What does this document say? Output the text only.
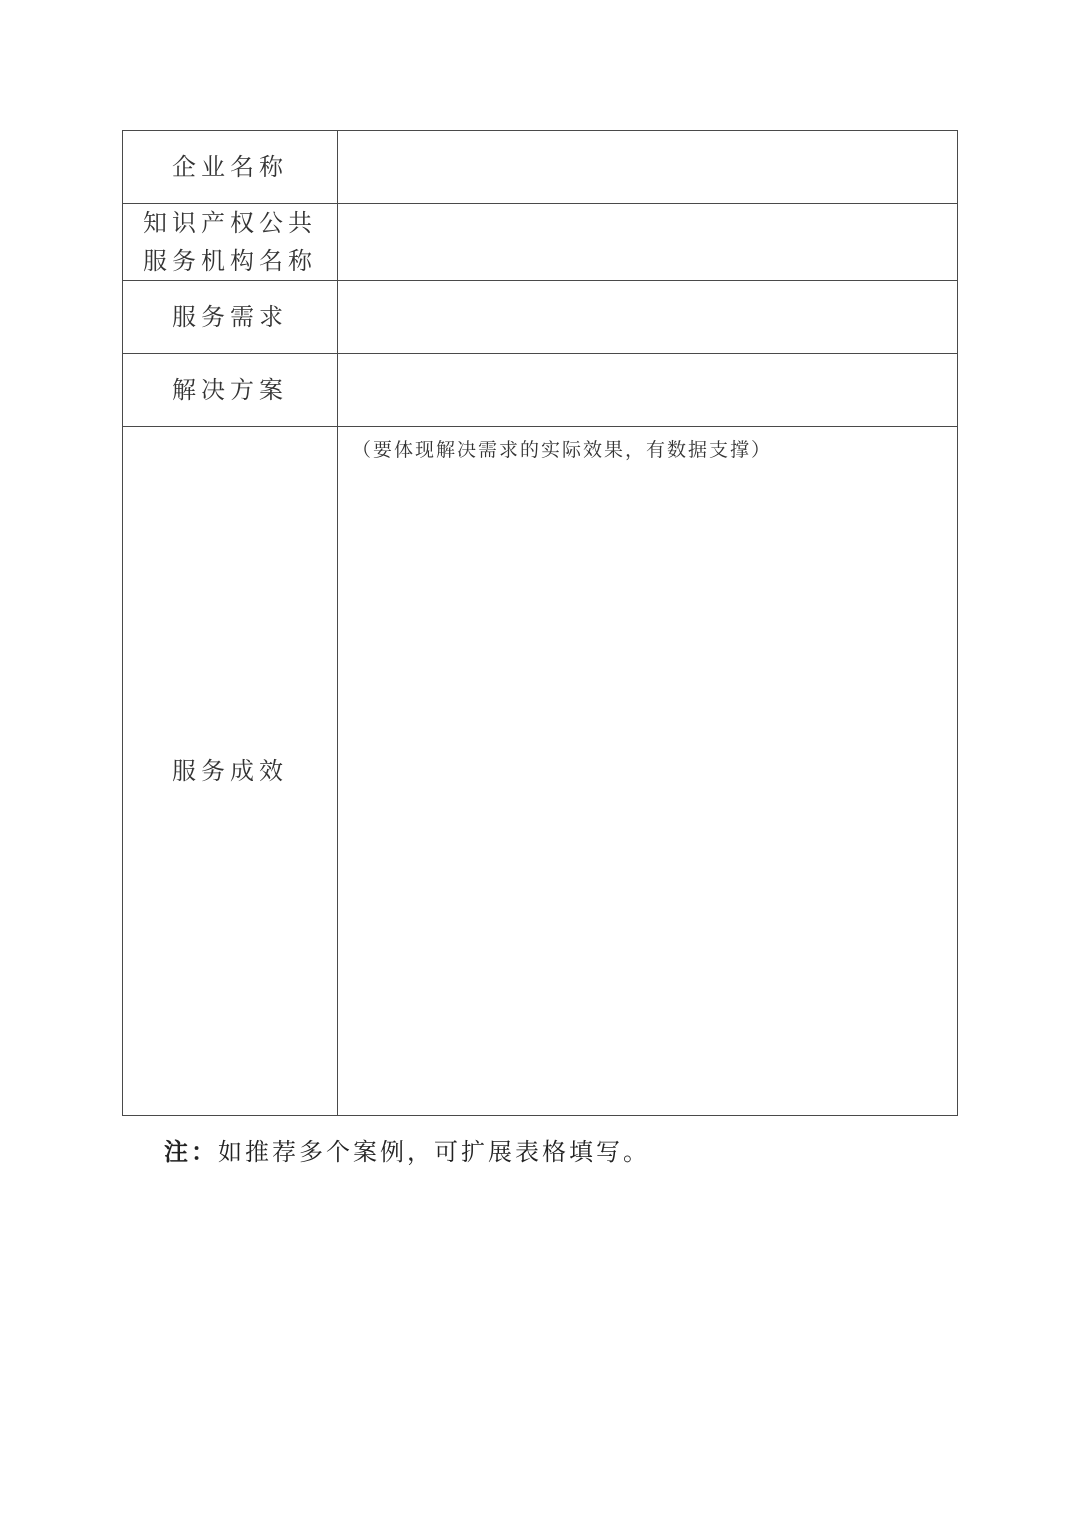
企业名称	

知识产权公共
服务机构名称	

服务需求	

解决方案	

服务成效	（要体现解决需求的实际效果，有数据支撑）
注：如推荐多个案例，可扩展表格填写。
